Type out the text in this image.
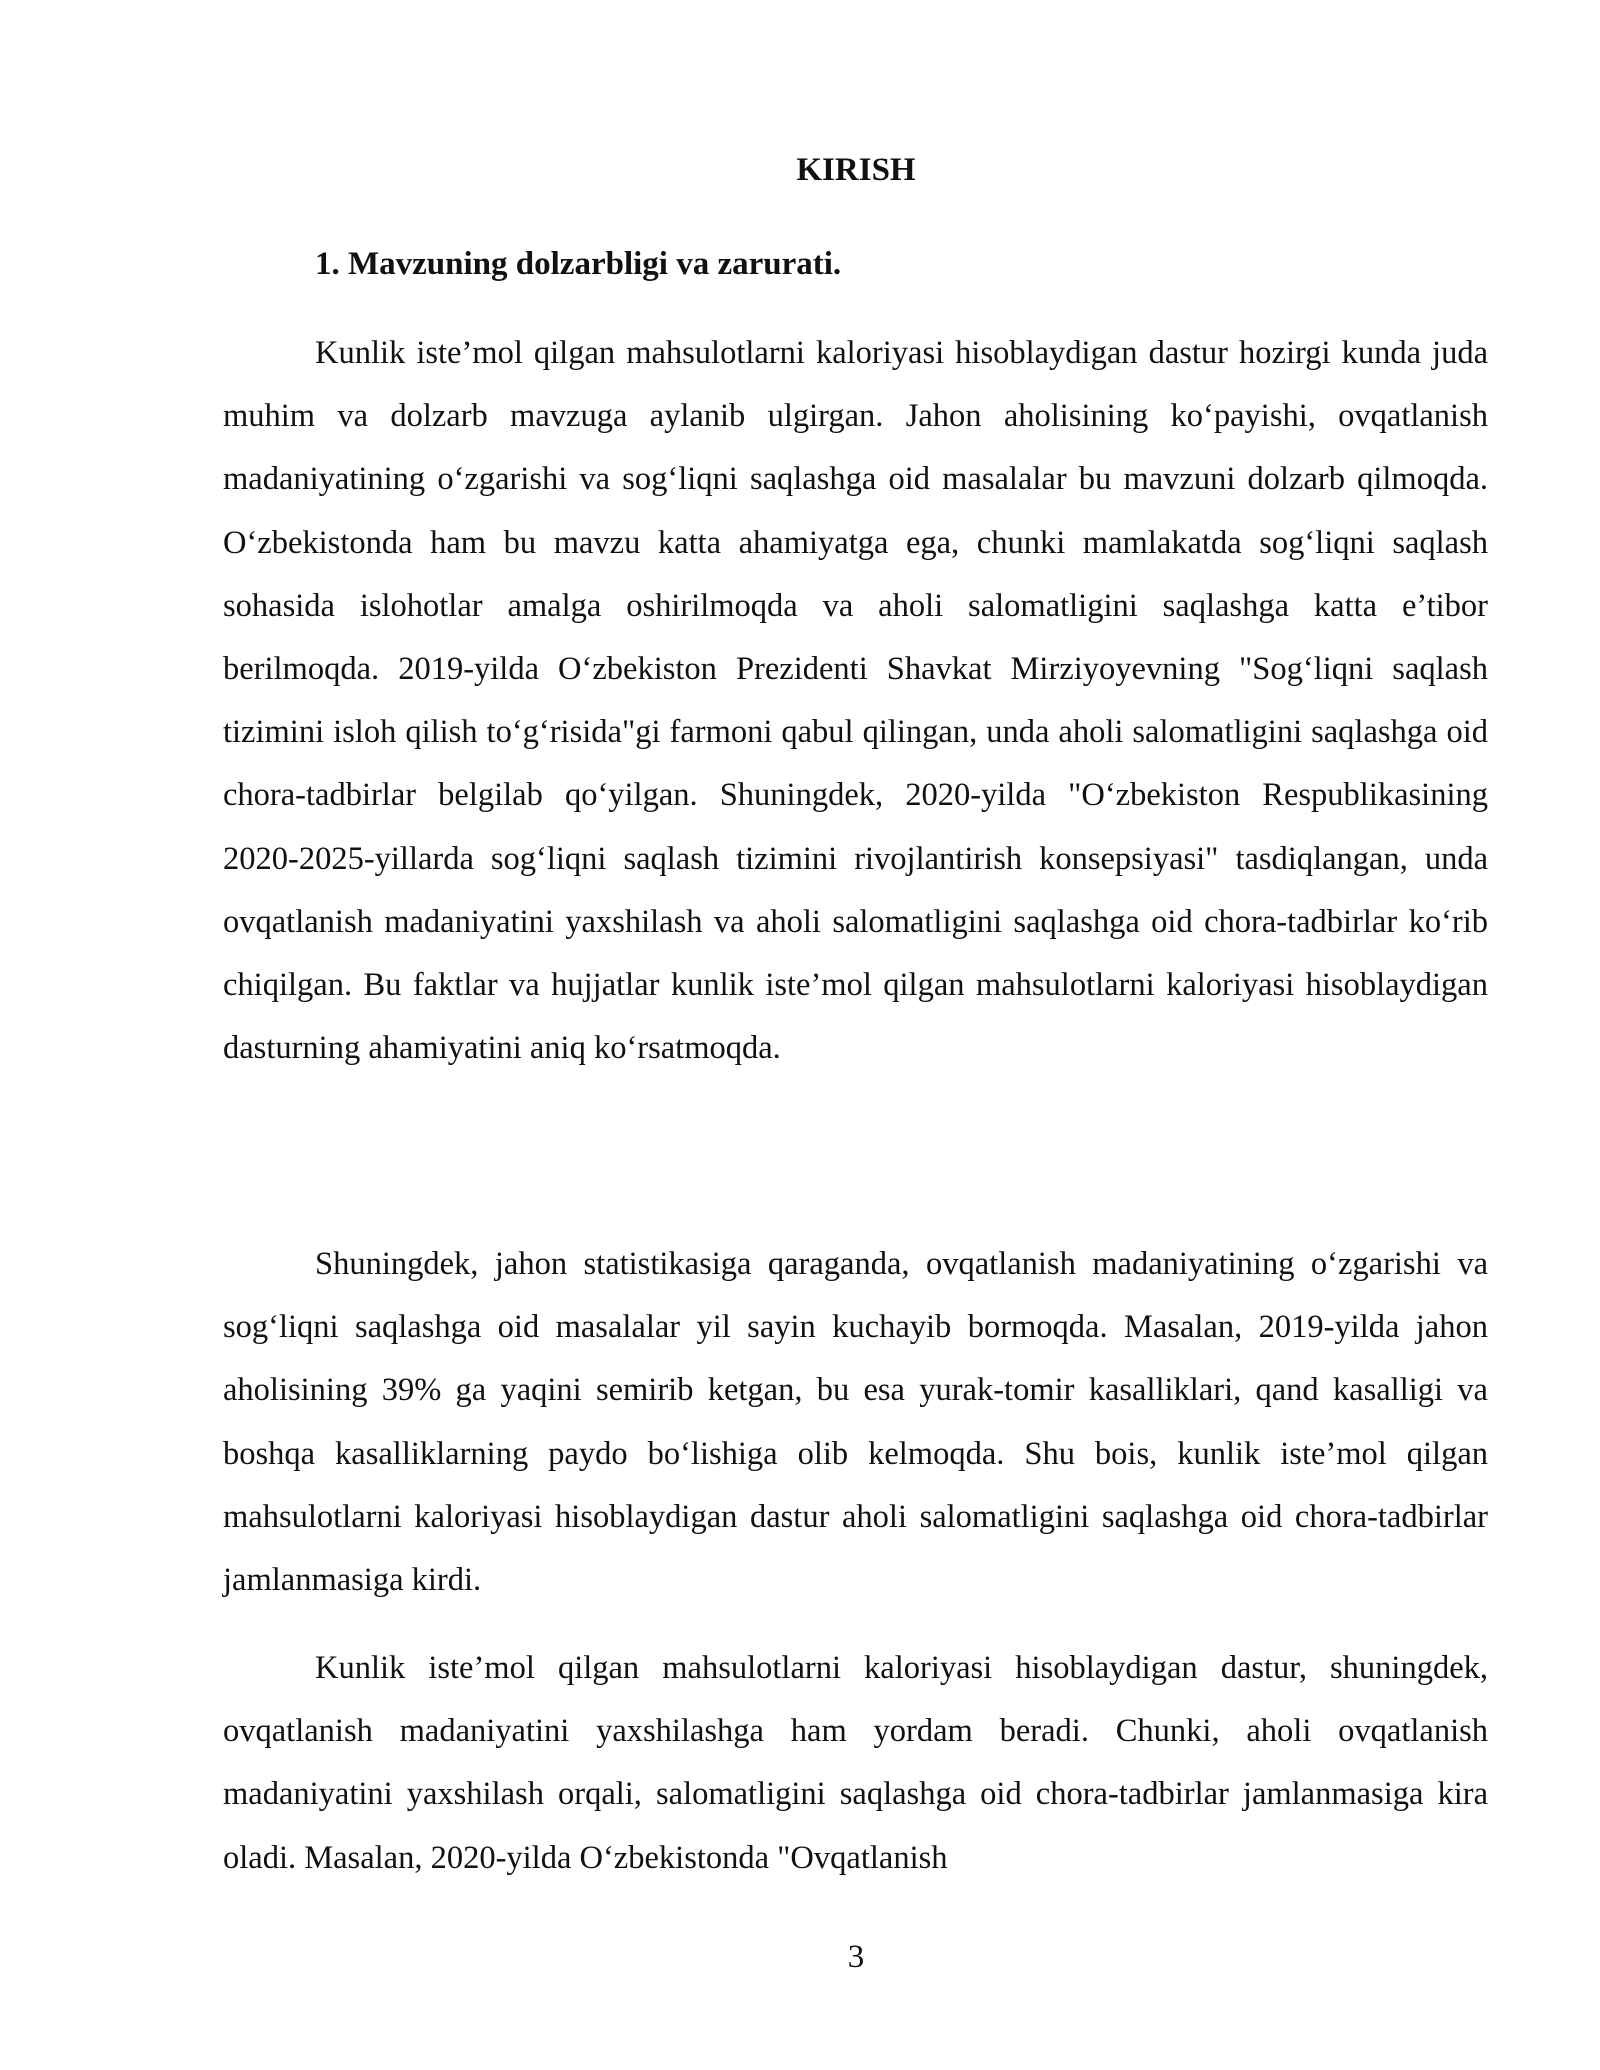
KIRISH
1. Mavzuning dolzarbligi va zarurati.

Kunlik iste’mol qilgan mahsulotlarni kaloriyasi hisoblaydigan dastur hozirgi kunda juda muhim va dolzarb mavzuga aylanib ulgirgan. Jahon aholisining ko‘payishi, ovqatlanish madaniyatining o‘zgarishi va sog‘liqni saqlashga oid masalalar bu mavzuni dolzarb qilmoqda. O‘zbekistonda ham bu mavzu katta ahamiyatga ega, chunki mamlakatda sog‘liqni saqlash sohasida islohotlar amalga oshirilmoqda va aholi salomatligini saqlashga katta e’tibor berilmoqda. 2019-yilda O‘zbekiston Prezidenti Shavkat Mirziyoyevning "Sog‘liqni saqlash tizimini isloh qilish to‘g‘risida"gi farmoni qabul qilingan, unda aholi salomatligini saqlashga oid chora-tadbirlar belgilab qo‘yilgan. Shuningdek, 2020-yilda "O‘zbekiston Respublikasining 2020-2025-yillarda sog‘liqni saqlash tizimini rivojlantirish konsepsiyasi" tasdiqlangan, unda ovqatlanish madaniyatini yaxshilash va aholi salomatligini saqlashga oid chora-tadbirlar ko‘rib chiqilgan. Bu faktlar va hujjatlar kunlik iste’mol qilgan mahsulotlarni kaloriyasi hisoblaydigan dasturning ahamiyatini aniq ko‘rsatmoqda.

Shuningdek, jahon statistikasiga qaraganda, ovqatlanish madaniyatining o‘zgarishi va sog‘liqni saqlashga oid masalalar yil sayin kuchayib bormoqda. Masalan, 2019-yilda jahon aholisining 39% ga yaqini semirib ketgan, bu esa yurak-tomir kasalliklari, qand kasalligi va boshqa kasalliklarning paydo bo‘lishiga olib kelmoqda. Shu bois, kunlik iste’mol qilgan mahsulotlarni kaloriyasi hisoblaydigan dastur aholi salomatligini saqlashga oid chora-tadbirlar jamlanmasiga kirdi.

Kunlik iste’mol qilgan mahsulotlarni kaloriyasi hisoblaydigan dastur, shuningdek, ovqatlanish madaniyatini yaxshilashga ham yordam beradi. Chunki, aholi ovqatlanish madaniyatini yaxshilash orqali, salomatligini saqlashga oid chora-tadbirlar jamlanmasiga kira oladi. Masalan, 2020-yilda O‘zbekistonda "Ovqatlanish

3
